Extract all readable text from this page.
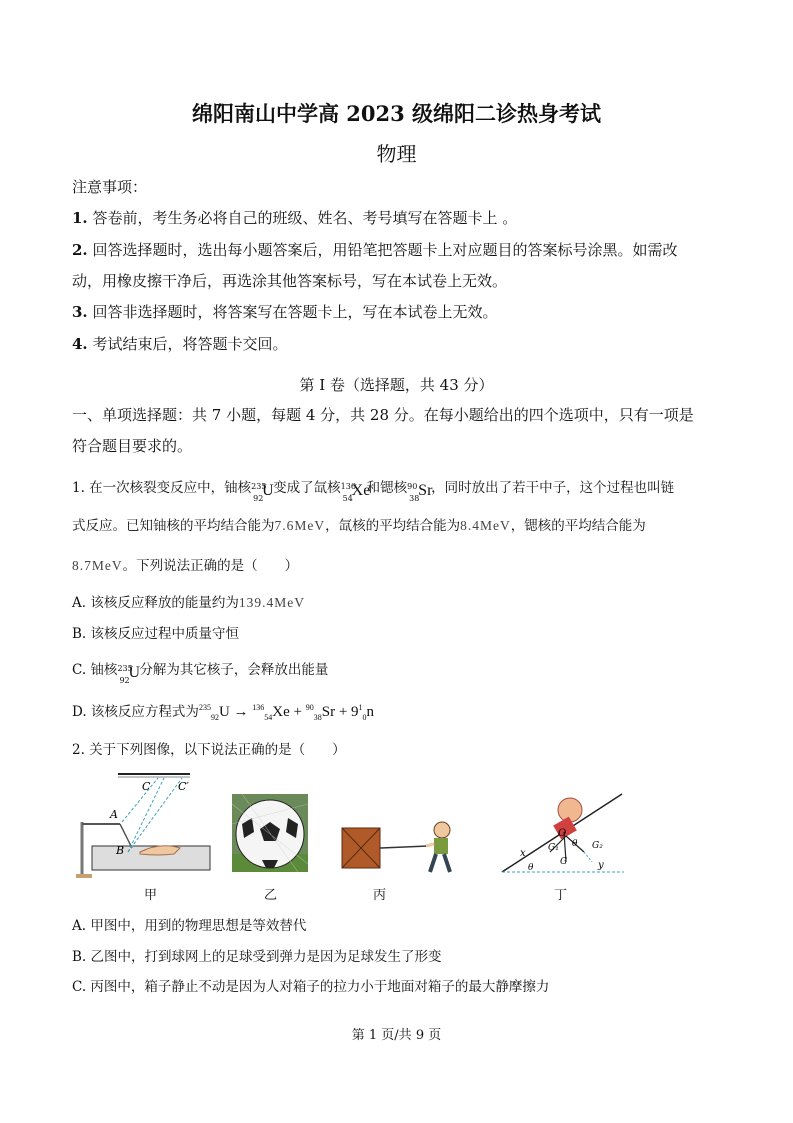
绵阳南山中学高 2023 级绵阳二诊热身考试
物理
注意事项：
1. 答卷前，考生务必将自己的班级、姓名、考号填写在答题卡上 。
2. 回答选择题时，选出每小题答案后，用铅笔把答题卡上对应题目的答案标号涂黑。如需改
动，用橡皮擦干净后，再选涂其他答案标号，写在本试卷上无效。
3. 回答非选择题时，将答案写在答题卡上，写在本试卷上无效。
4. 考试结束后，将答题卡交回。
第 I 卷（选择题，共 43 分）
一、单项选择题：共 7 小题，每题 4 分，共 28 分。在每小题给出的四个选项中，只有一项是
符合题目要求的。
1. 在一次核裂变反应中，铀核 235
92
U 变成了氙核 136
54
Xe
和锶核 90
38
Sr
，同时放出了若干中子，这个过程也叫链
式反应。已知铀核的平均结合能为7.6MeV，氙核的平均结合能为8.4MeV，锶核的平均结合能为
8.7MeV。下列说法正确的是（　　）
A. 该核反应释放的能量约为139.4MeV
B. 该核反应过程中质量守恒
C. 铀核 235
92
U 分解为其它核子，会释放出能量
D. 该核反应方程式为$^{235}_{92}U \to ^{136}_{54}Xe + ^{90}_{38}Sr + 9^1_0n$
2. 关于下列图像，以下说法正确的是（　　）
C	C′
A
B
O
θ
G₁	G₂
G
x
y
θ
甲	乙	丙	丁
A. 甲图中，用到的物理思想是等效替代
B. 乙图中，打到球网上的足球受到弹力是因为足球发生了形变
C. 丙图中，箱子静止不动是因为人对箱子的拉力小于地面对箱子的最大静摩擦力
第 1 页/共 9 页
